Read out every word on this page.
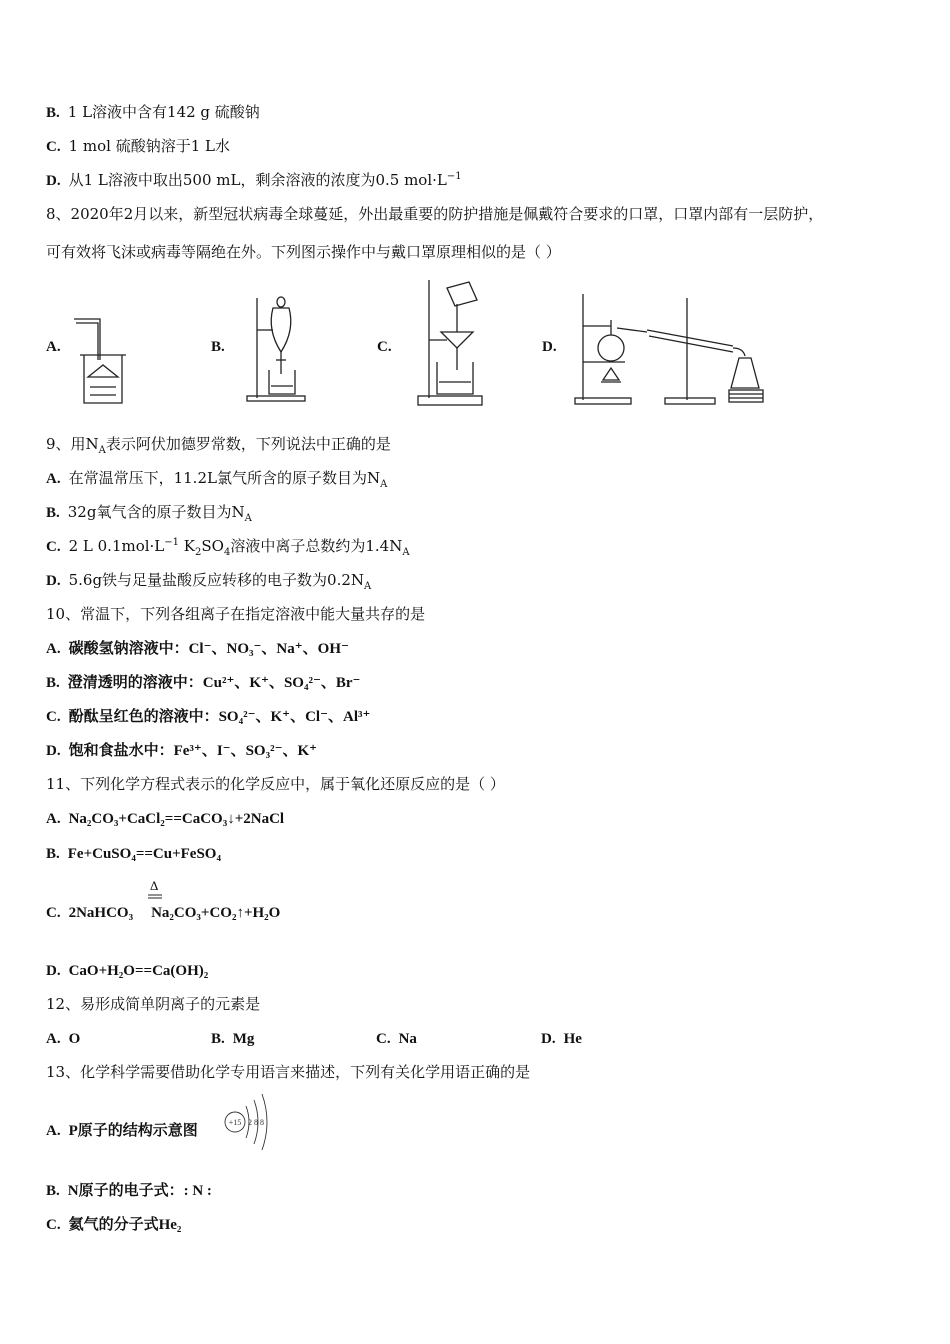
B. 1 L溶液中含有142 g 硫酸钠
C. 1 mol 硫酸钠溶于1 L水
D. 从1 L溶液中取出500 mL，剩余溶液的浓度为0.5 $mol\cdot L^{-1}$
8、2020年2月以来，新型冠状病毒全球蔓延，外出最重要的防护措施是佩戴符合要求的口罩，口罩内部有一层防护，
可有效将飞沫或病毒等隔绝在外。下列图示操作中与戴口罩原理相似的是（ ）
A.	B.	C.	D.
9、用$N_A$表示阿伏加德罗常数，下列说法中正确的是
A. 在常温常压下，11.2L氯气所含的原子数目为$N_A$
B. 32g氧气含的原子数目为$N_A$
C. 2 L $0.1mol\cdot L^{-1}$ $K_2SO_4$溶液中离子总数约为$1.4N_A$
D. 5.6g铁与足量盐酸反应转移的电子数为$0.2N_A$
10、常温下，下列各组离子在指定溶液中能大量共存的是
A. 碳酸氢钠溶液中：Cl⁻、NO₃⁻、Na⁺、OH⁻
B. 澄清透明的溶液中：Cu²⁺、K⁺、SO₄²⁻、Br⁻
C. 酚酞呈红色的溶液中：SO₄²⁻、K⁺、Cl⁻、Al³⁺
D. 饱和食盐水中：Fe³⁺、I⁻、SO₃²⁻、K⁺
11、下列化学方程式表示的化学反应中，属于氧化还原反应的是（ ）
A. Na₂CO₃+CaCl₂==CaCO₃↓+2NaCl
B. Fe+CuSO₄==Cu+FeSO₄
Δ
C. 2NaHCO₃ Na₂CO₃+CO₂↑+H₂O
D. CaO+H₂O==Ca(OH)₂
12、易形成简单阴离子的元素是
A. O	B. Mg	C. Na	D. He
13、化学科学需要借助化学专用语言来描述，下列有关化学用语正确的是
A. P原子的结构示意图
+15 2 8 8
B. N原子的电子式：: N :
C. 氦气的分子式He₂
